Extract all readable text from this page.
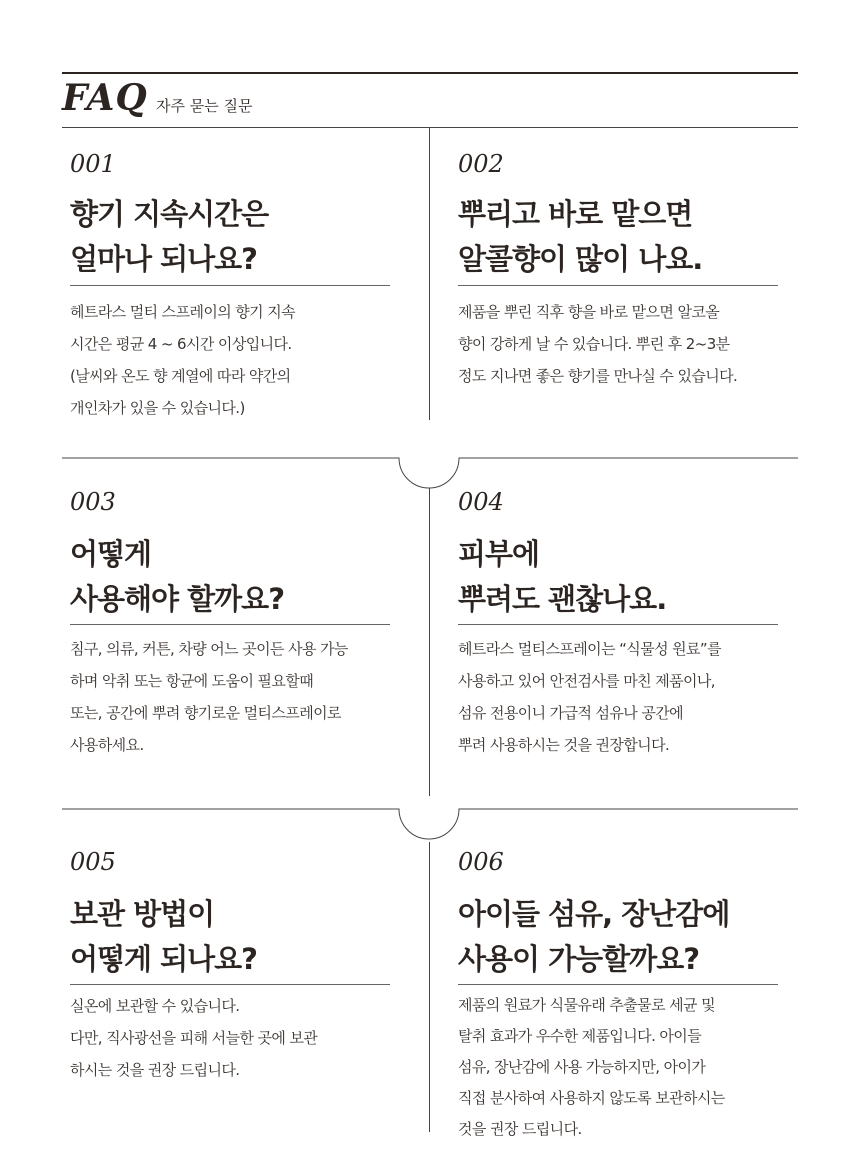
FAQ 자주 묻는 질문
001
향기 지속시간은
얼마나 되나요?
헤트라스 멀티 스프레이의 향기 지속
시간은 평균 4 ~ 6시간 이상입니다.
(날씨와 온도 향 계열에 따라 약간의
개인차가 있을 수 있습니다.)
002
뿌리고 바로 맡으면
알콜향이 많이 나요.
제품을 뿌린 직후 향을 바로 맡으면 알코올
향이 강하게 날 수 있습니다. 뿌린 후 2~3분
정도 지나면 좋은 향기를 만나실 수 있습니다.
003
어떻게
사용해야 할까요?
침구, 의류, 커튼, 차량 어느 곳이든 사용 가능
하며 악취 또는 항균에 도움이 필요할때
또는, 공간에 뿌려 향기로운 멀티스프레이로
사용하세요.
004
피부에
뿌려도 괜찮나요.
헤트라스 멀티스프레이는 “식물성 원료”를
사용하고 있어 안전검사를 마친 제품이나,
섬유 전용이니 가급적 섬유나 공간에
뿌려 사용하시는 것을 권장합니다.
005
보관 방법이
어떻게 되나요?
실온에 보관할 수 있습니다.
다만, 직사광선을 피해 서늘한 곳에 보관
하시는 것을 권장 드립니다.
006
아이들 섬유, 장난감에
사용이 가능할까요?
제품의 원료가 식물유래 추출물로 세균 및
탈취 효과가 우수한 제품입니다. 아이들
섬유, 장난감에 사용 가능하지만, 아이가
직접 분사하여 사용하지 않도록 보관하시는
것을 권장 드립니다.
